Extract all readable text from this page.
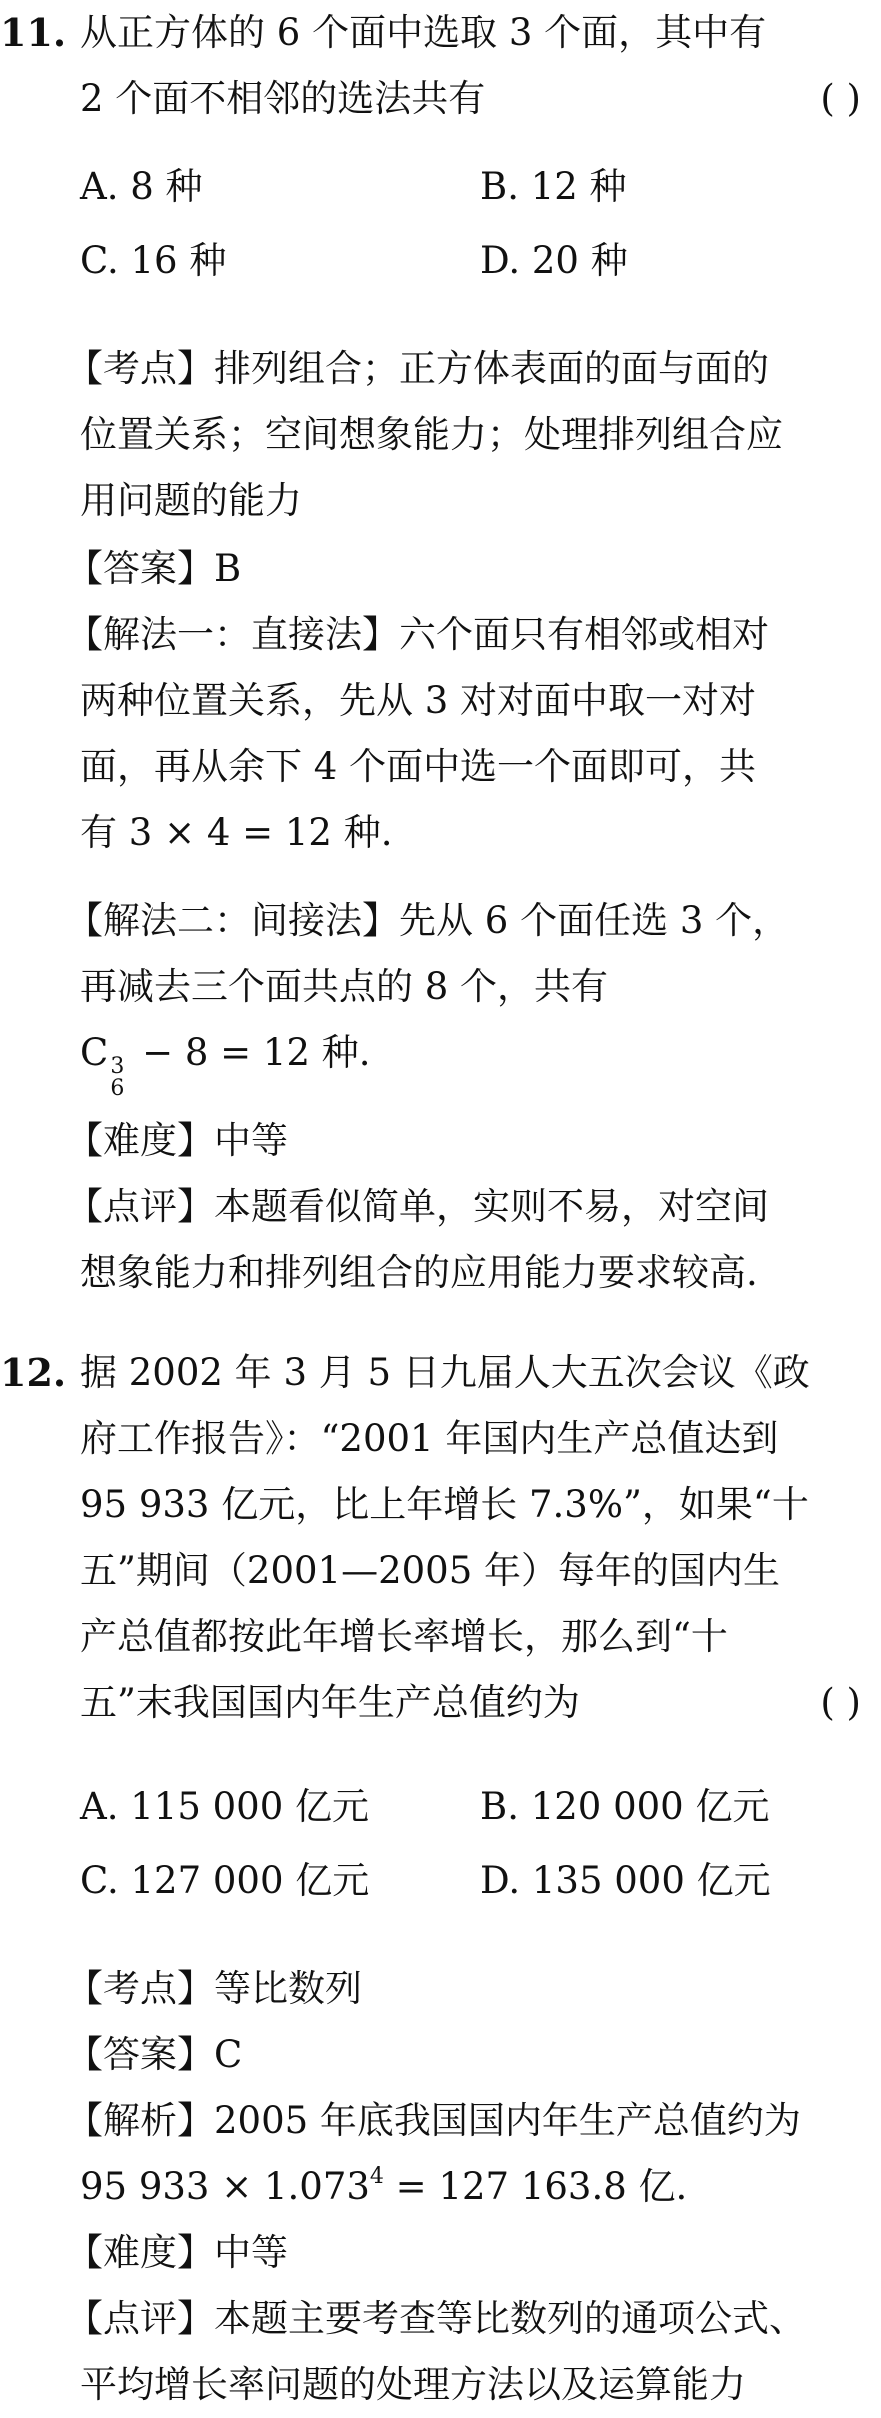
11. 从正方体的 6 个面中选取 3 个面，其中有
2 个面不相邻的选法共有	( )
A. 8 种	B. 12 种
C. 16 种	D. 20 种
【考点】排列组合；正方体表面的面与面的
位置关系；空间想象能力；处理排列组合应
用问题的能力
【答案】B
【解法一：直接法】六个面只有相邻或相对
两种位置关系，先从 3 对对面中取一对对
面，再从余下 4 个面中选一个面即可，共
有 3 × 4 = 12 种.
【解法二：间接法】先从 6 个面任选 3 个，
再减去三个面共点的 8 个，共有
C 3
6
− 8 = 12 种.
【难度】中等
【点评】本题看似简单，实则不易，对空间
想象能力和排列组合的应用能力要求较高.
12. 据 2002 年 3 月 5 日九届人大五次会议《政
府工作报告》：“2001 年国内生产总值达到
95 933 亿元，比上年增长 7.3%”，如果“十
五”期间（2001—2005 年）每年的国内生
产总值都按此年增长率增长，那么到“十
五”末我国国内年生产总值约为	( )
A. 115 000 亿元	B. 120 000 亿元
C. 127 000 亿元	D. 135 000 亿元
【考点】等比数列
【答案】C
【解析】2005 年底我国国内年生产总值约为
95 $933 \times 1.073^4 = 127$ 163.8 亿.
【难度】中等
【点评】本题主要考查等比数列的通项公式、
平均增长率问题的处理方法以及运算能力
